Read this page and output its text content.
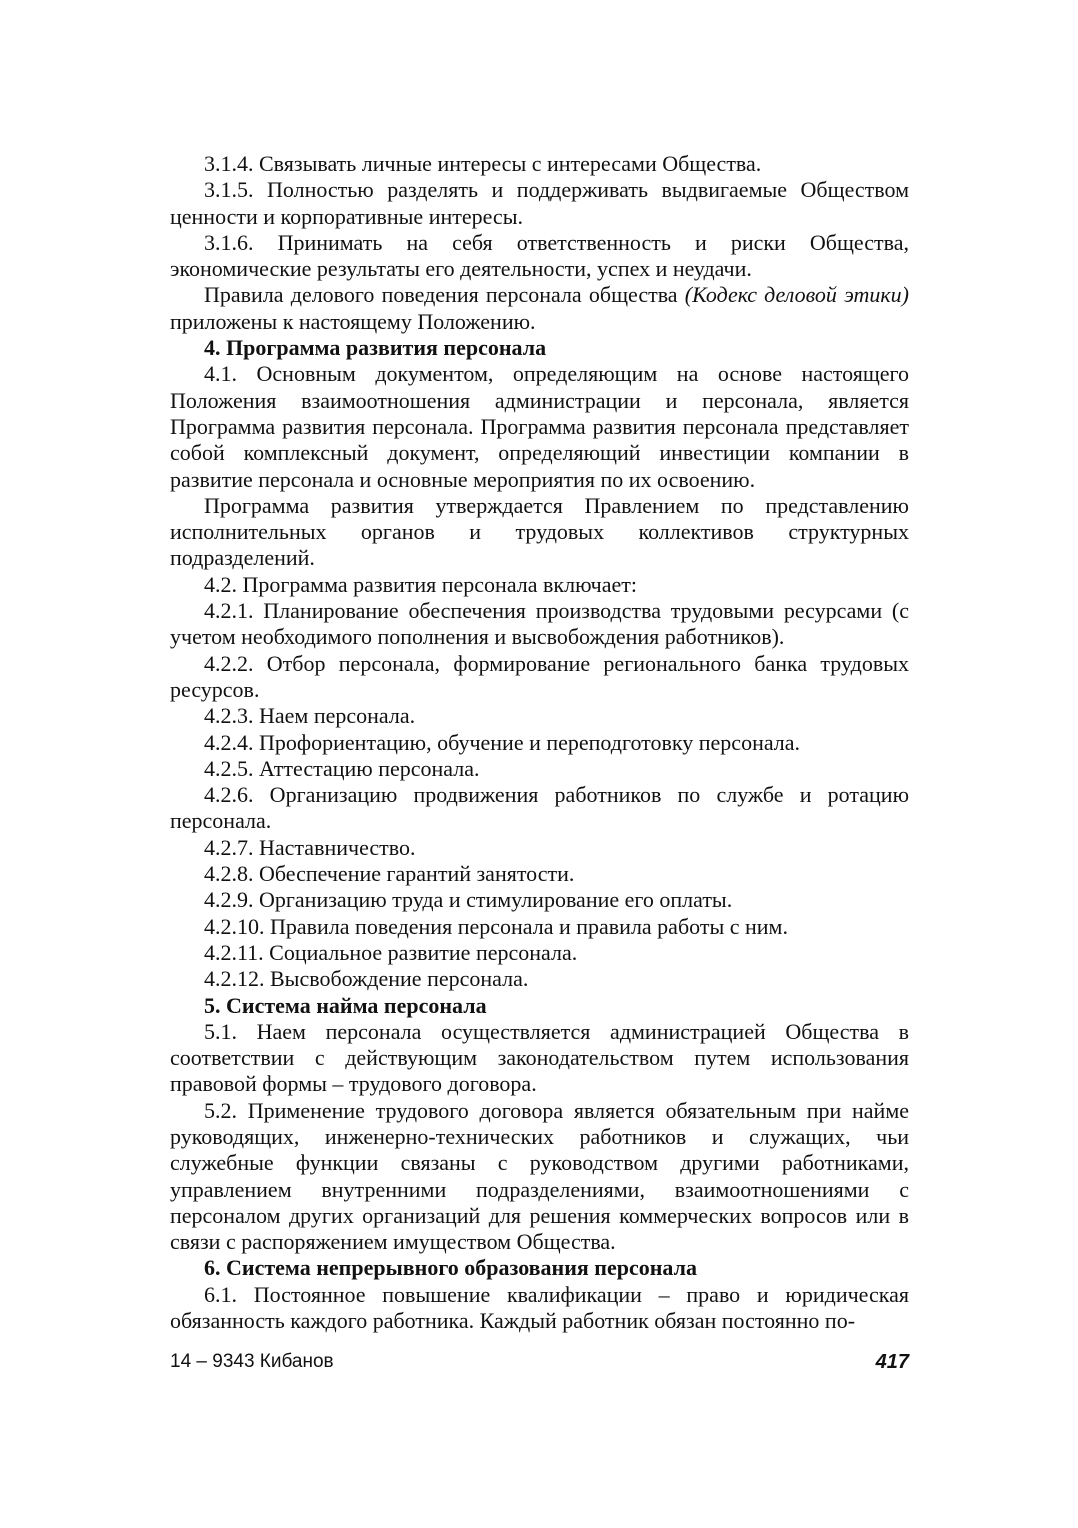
3.1.4. Связывать личные интересы с интересами Общества.

3.1.5. Полностью разделять и поддерживать выдвигаемые Обществом ценности и корпоративные интересы.

3.1.6. Принимать на себя ответственность и риски Общества, экономические результаты его деятельности, успех и неудачи.

Правила делового поведения персонала общества (Кодекс деловой этики) приложены к настоящему Положению.

4. Программа развития персонала

4.1. Основным документом, определяющим на основе настоящего Положения взаимоотношения администрации и персонала, является Программа развития персонала. Программа развития персонала представляет собой комплексный документ, определяющий инвестиции компании в развитие персонала и основные мероприятия по их освоению.

Программа развития утверждается Правлением по представлению исполнительных органов и трудовых коллективов структурных подразделений.

4.2. Программа развития персонала включает:

4.2.1. Планирование обеспечения производства трудовыми ресурсами (с учетом необходимого пополнения и высвобождения работников).

4.2.2. Отбор персонала, формирование регионального банка трудовых ресурсов.

4.2.3. Наем персонала.

4.2.4. Профориентацию, обучение и переподготовку персонала.

4.2.5. Аттестацию персонала.

4.2.6. Организацию продвижения работников по службе и ротацию персонала.

4.2.7. Наставничество.

4.2.8. Обеспечение гарантий занятости.

4.2.9. Организацию труда и стимулирование его оплаты.

4.2.10. Правила поведения персонала и правила работы с ним.

4.2.11. Социальное развитие персонала.

4.2.12. Высвобождение персонала.

5. Система найма персонала

5.1. Наем персонала осуществляется администрацией Общества в соответствии с действующим законодательством путем использования правовой формы – трудового договора.

5.2. Применение трудового договора является обязательным при найме руководящих, инженерно-технических работников и служащих, чьи служебные функции связаны с руководством другими работниками, управлением внутренними подразделениями, взаимоотношениями с персоналом других организаций для решения коммерческих вопросов или в связи с распоряжением имуществом Общества.

6. Система непрерывного образования персонала

6.1. Постоянное повышение квалификации – право и юридическая обязанность каждого работника. Каждый работник обязан постоянно по-

14 – 9343 Кибанов	417
